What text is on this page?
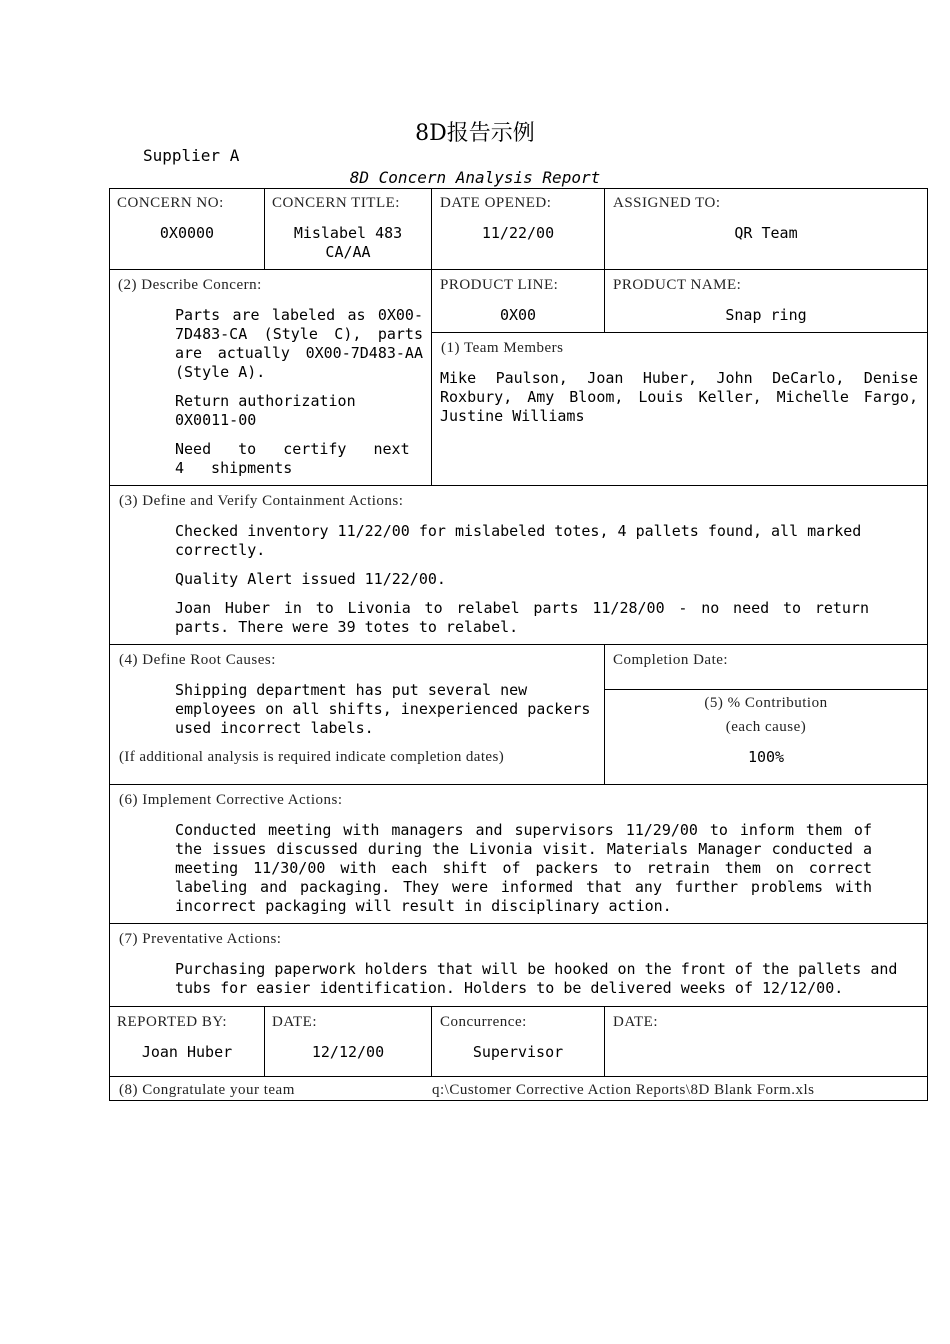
8D报告示例
Supplier A
8D Concern Analysis Report
CONCERN NO:
0X0000
CONCERN TITLE:
Mislabel 483 CA/AA
DATE OPENED:
11/22/00
ASSIGNED TO:
QR Team
(2) Describe Concern:
Parts are labeled as 0X00-7D483-CA (Style C), parts are actually 0X00-7D483-AA (Style A).
Return authorization 0X0011-00
Need to certify next 4 shipments
PRODUCT LINE:
0X00
PRODUCT NAME:
Snap ring
(1) Team Members
Mike Paulson, Joan Huber, John DeCarlo, Denise Roxbury, Amy Bloom, Louis Keller, Michelle Fargo, Justine Williams
(3) Define and Verify Containment Actions:
Checked inventory 11/22/00 for mislabeled totes, 4 pallets found, all marked correctly.
Quality Alert issued 11/22/00.
Joan Huber in to Livonia to relabel parts 11/28/00 - no need to return parts. There were 39 totes to relabel.
(4) Define Root Causes:
Shipping department has put several new employees on all shifts, inexperienced packers used incorrect labels.
(If additional analysis is required indicate completion dates)
Completion Date:
(5) % Contribution
(each cause)
100%
(6) Implement Corrective Actions:
Conducted meeting with managers and supervisors 11/29/00 to inform them of the issues discussed during the Livonia visit. Materials Manager conducted a meeting 11/30/00 with each shift of packers to retrain them on correct labeling and packaging. They were informed that any further problems with incorrect packaging will result in disciplinary action.
(7) Preventative Actions:
Purchasing paperwork holders that will be hooked on the front of the pallets and
tubs for easier identification. Holders to be delivered weeks of 12/12/00.
REPORTED BY:
Joan Huber
DATE:
12/12/00
Concurrence:
Supervisor
DATE:
(8) Congratulate your team	q:\Customer Corrective Action Reports\8D Blank Form.xls
